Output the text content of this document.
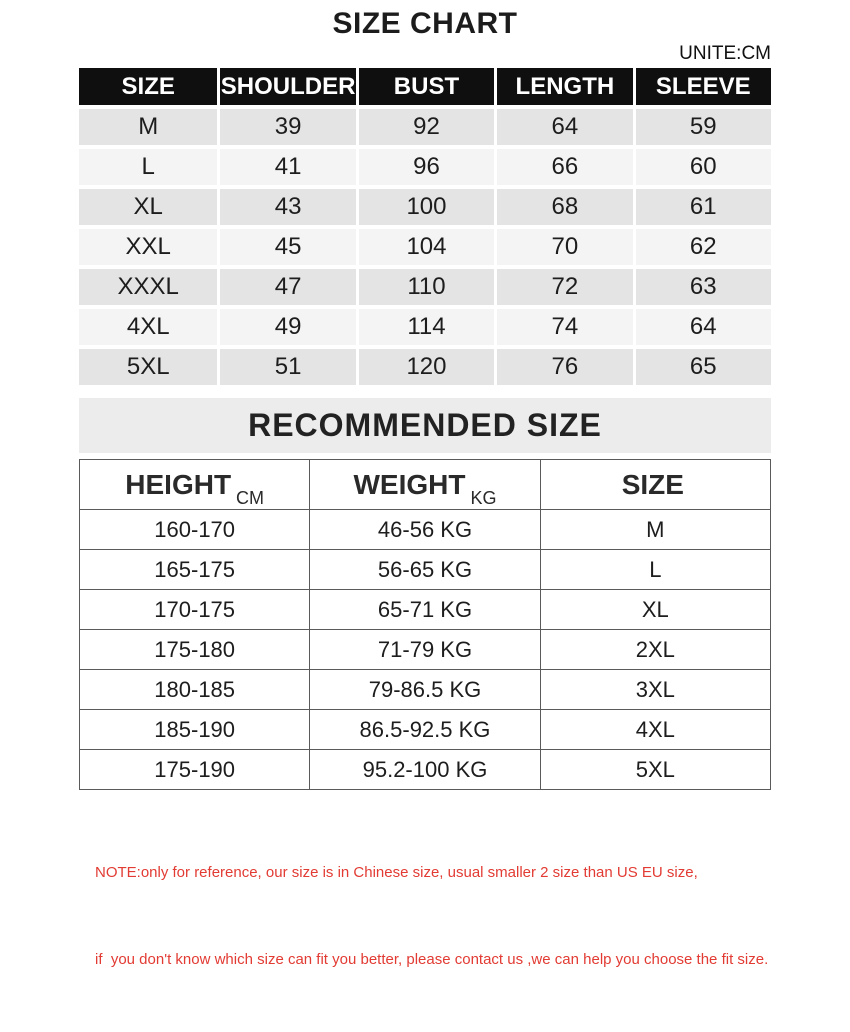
SIZE CHART
UNITE:CM
SIZE	SHOULDER	BUST	LENGTH	SLEEVE
M	39	92	64	59
L	41	96	66	60
XL	43	100	68	61
XXL	45	104	70	62
XXXL	47	110	72	63
4XL	49	114	74	64
5XL	51	120	76	65
RECOMMENDED SIZE
HEIGHT $_{CM}$	WEIGHT $_{KG}$	SIZE
160-170	46-56 KG	M
165-175	56-65 KG	L
170-175	65-71 KG	XL
175-180	71-79 KG	2XL
180-185	79-86.5 KG	3XL
185-190	86.5-92.5 KG	4XL
175-190	95.2-100 KG	5XL

NOTE:only for reference, our size is in Chinese size, usual smaller 2 size than US EU size,

if  you don't know which size can fit you better, please contact us ,we can help you choose the fit size.
